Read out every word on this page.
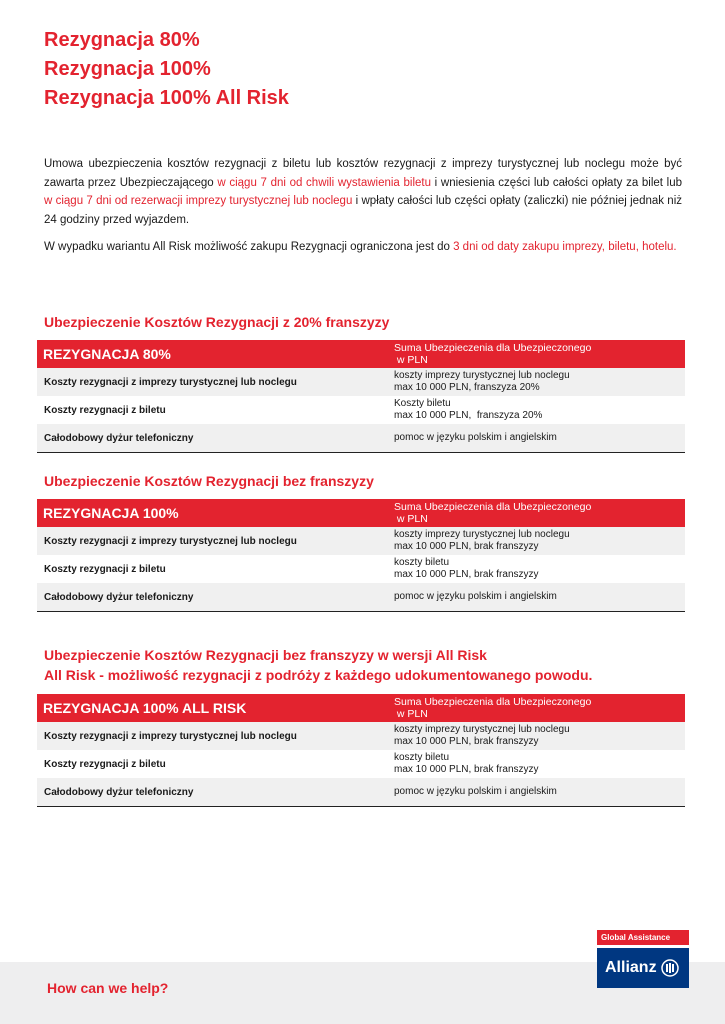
Rezygnacja 80%
Rezygnacja 100%
Rezygnacja 100% All Risk

Umowa ubezpieczenia kosztów rezygnacji z biletu lub kosztów rezygnacji z imprezy turystycznej lub noclegu może być zawarta przez Ubezpieczającego w ciągu 7 dni od chwili wystawienia biletu i wniesienia części lub całości opłaty za bilet lub w ciągu 7 dni od rezerwacji imprezy turystycznej lub noclegu i wpłaty całości lub części opłaty (zaliczki) nie później jednak niż 24 godziny przed wyjazdem.

W wypadku wariantu All Risk możliwość zakupu Rezygnacji ograniczona jest do 3 dni od daty zakupu imprezy, biletu, hotelu.

Ubezpieczenie Kosztów Rezygnacji z 20% franszyzy
REZYGNACJA 80%	Suma Ubezpieczenia dla Ubezpieczonego
w PLN

Koszty rezygnacji z imprezy turystycznej lub noclegu	koszty imprezy turystycznej lub noclegu
max 10 000 PLN, franszyza 20%

Koszty rezygnacji z biletu	Koszty biletu
max 10 000 PLN,  franszyza 20%

Całodobowy dyżur telefoniczny	pomoc w języku polskim i angielskim
Ubezpieczenie Kosztów Rezygnacji bez franszyzy
REZYGNACJA 100%	Suma Ubezpieczenia dla Ubezpieczonego
w PLN

Koszty rezygnacji z imprezy turystycznej lub noclegu	koszty imprezy turystycznej lub noclegu
max 10 000 PLN, brak franszyzy

Koszty rezygnacji z biletu	koszty biletu
max 10 000 PLN, brak franszyzy

Całodobowy dyżur telefoniczny	pomoc w języku polskim i angielskim
Ubezpieczenie Kosztów Rezygnacji bez franszyzy w wersji All Risk
All Risk - możliwość rezygnacji z podróży z każdego udokumentowanego powodu.
REZYGNACJA 100% ALL RISK	Suma Ubezpieczenia dla Ubezpieczonego
w PLN

Koszty rezygnacji z imprezy turystycznej lub noclegu	koszty imprezy turystycznej lub noclegu
max 10 000 PLN, brak franszyzy

Koszty rezygnacji z biletu	koszty biletu
max 10 000 PLN, brak franszyzy

Całodobowy dyżur telefoniczny	pomoc w języku polskim i angielskim
How can we help?
Global Assistance
Allianz
